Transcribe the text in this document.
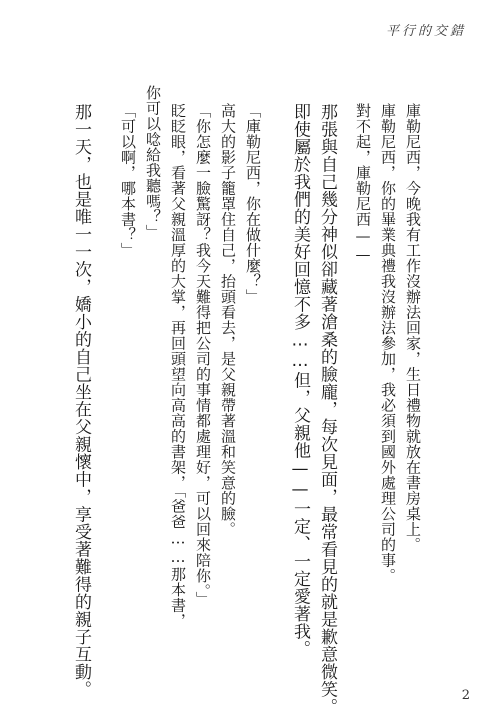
平行的交錯
庫勒尼西，今晚我有工作沒辦法回家，生日禮物就放在書房桌上。
庫勒尼西，你的畢業典禮我沒辦法參加，我必須到國外處理公司的事。
對不起，庫勒尼西——
那張與自己幾分神似卻藏著滄桑的臉龐，每次見面，最常看見的就是歉意微笑。
即使屬於我們的美好回憶不多……但，父親他——一定、一定愛著我。
「庫勒尼西，你在做什麼？」
高大的影子籠罩住自己，抬頭看去，是父親帶著溫和笑意的臉。
「你怎麼一臉驚訝？我今天難得把公司的事情都處理好，可以回來陪你。」
眨眨眼，看著父親溫厚的大掌，再回頭望向高高的書架，「爸爸……那本書，
你可以唸給我聽嗎？」
「可以啊，哪本書？」
那一天，也是唯一一次，嬌小的自己坐在父親懷中，享受著難得的親子互動。	2
